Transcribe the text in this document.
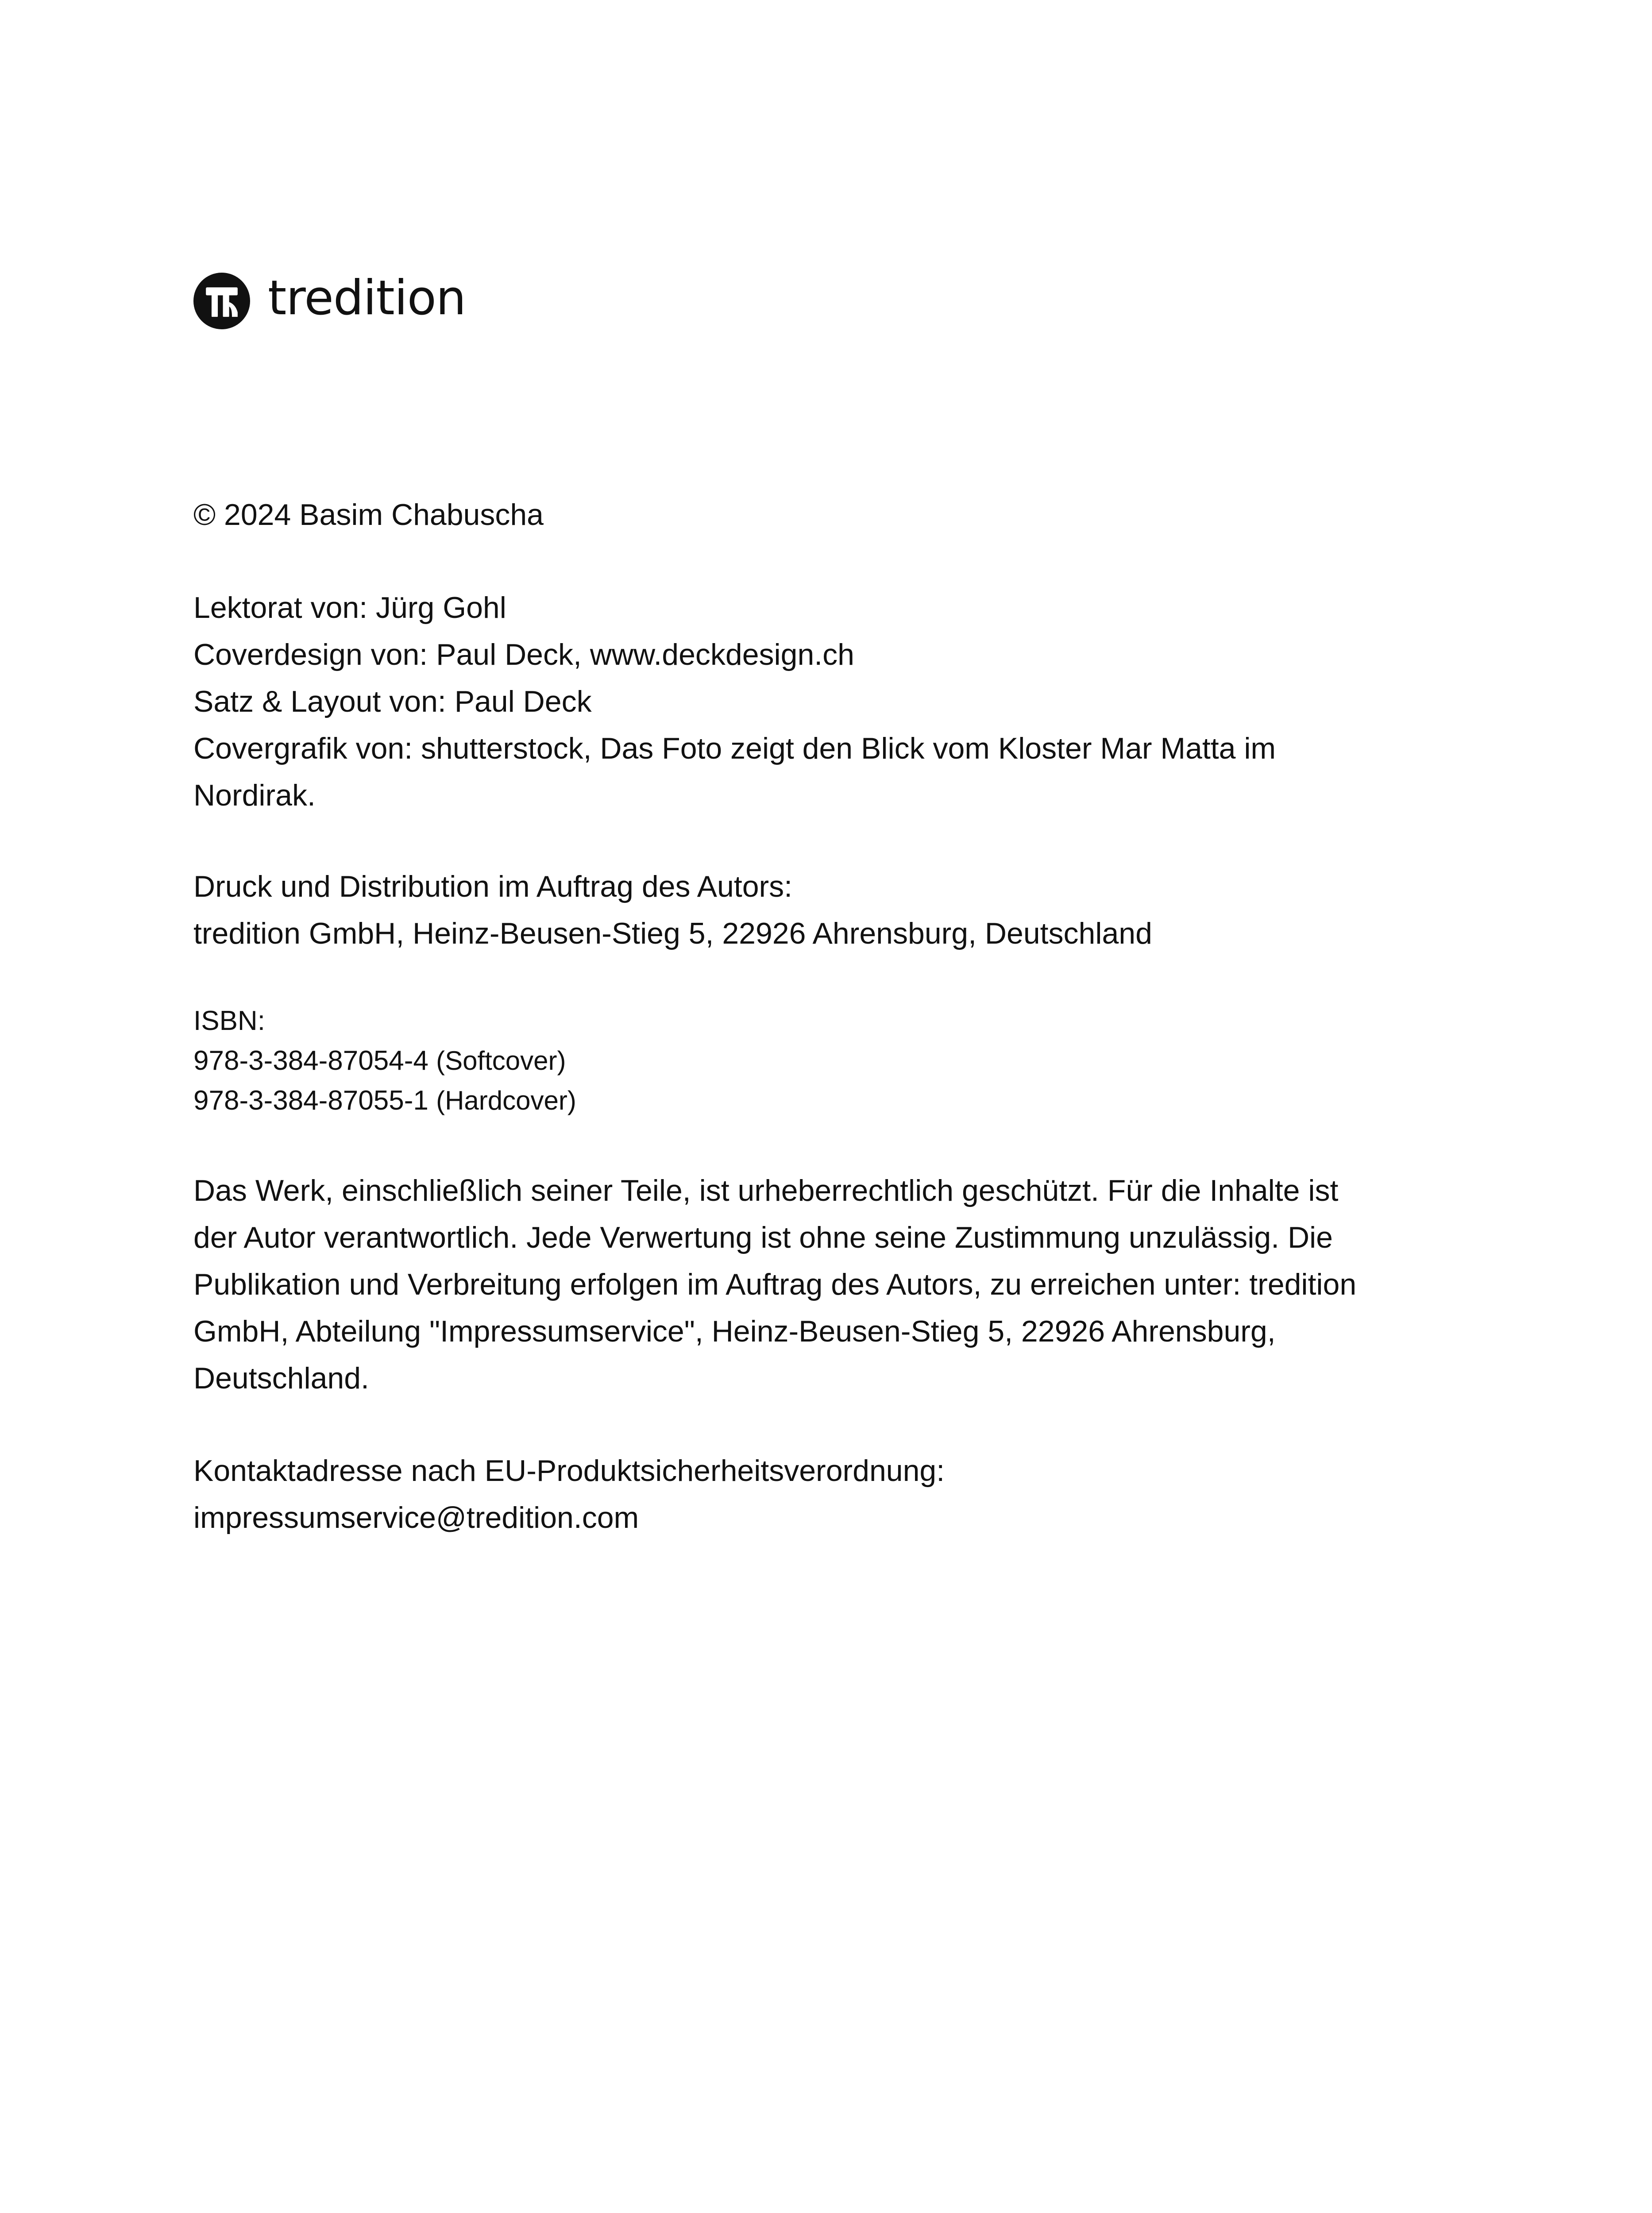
tredition
© 2024 Basim Chabuscha
Lektorat von: Jürg Gohl
Coverdesign von: Paul Deck, www.deckdesign.ch
Satz & Layout von: Paul Deck
Covergrafik von: shutterstock, Das Foto zeigt den Blick vom Kloster Mar Matta im
Nordirak.
Druck und Distribution im Auftrag des Autors:
tredition GmbH, Heinz-Beusen-Stieg 5, 22926 Ahrensburg, Deutschland
ISBN:
978-3-384-87054-4 (Softcover)
978-3-384-87055-1 (Hardcover)
Das Werk, einschließlich seiner Teile, ist urheberrechtlich geschützt. Für die Inhalte ist
der Autor verantwortlich. Jede Verwertung ist ohne seine Zustimmung unzulässig. Die
Publikation und Verbreitung erfolgen im Auftrag des Autors, zu erreichen unter: tredition
GmbH, Abteilung "Impressumservice", Heinz-Beusen-Stieg 5, 22926 Ahrensburg,
Deutschland.
Kontaktadresse nach EU-Produktsicherheitsverordnung:
impressumservice@tredition.com
